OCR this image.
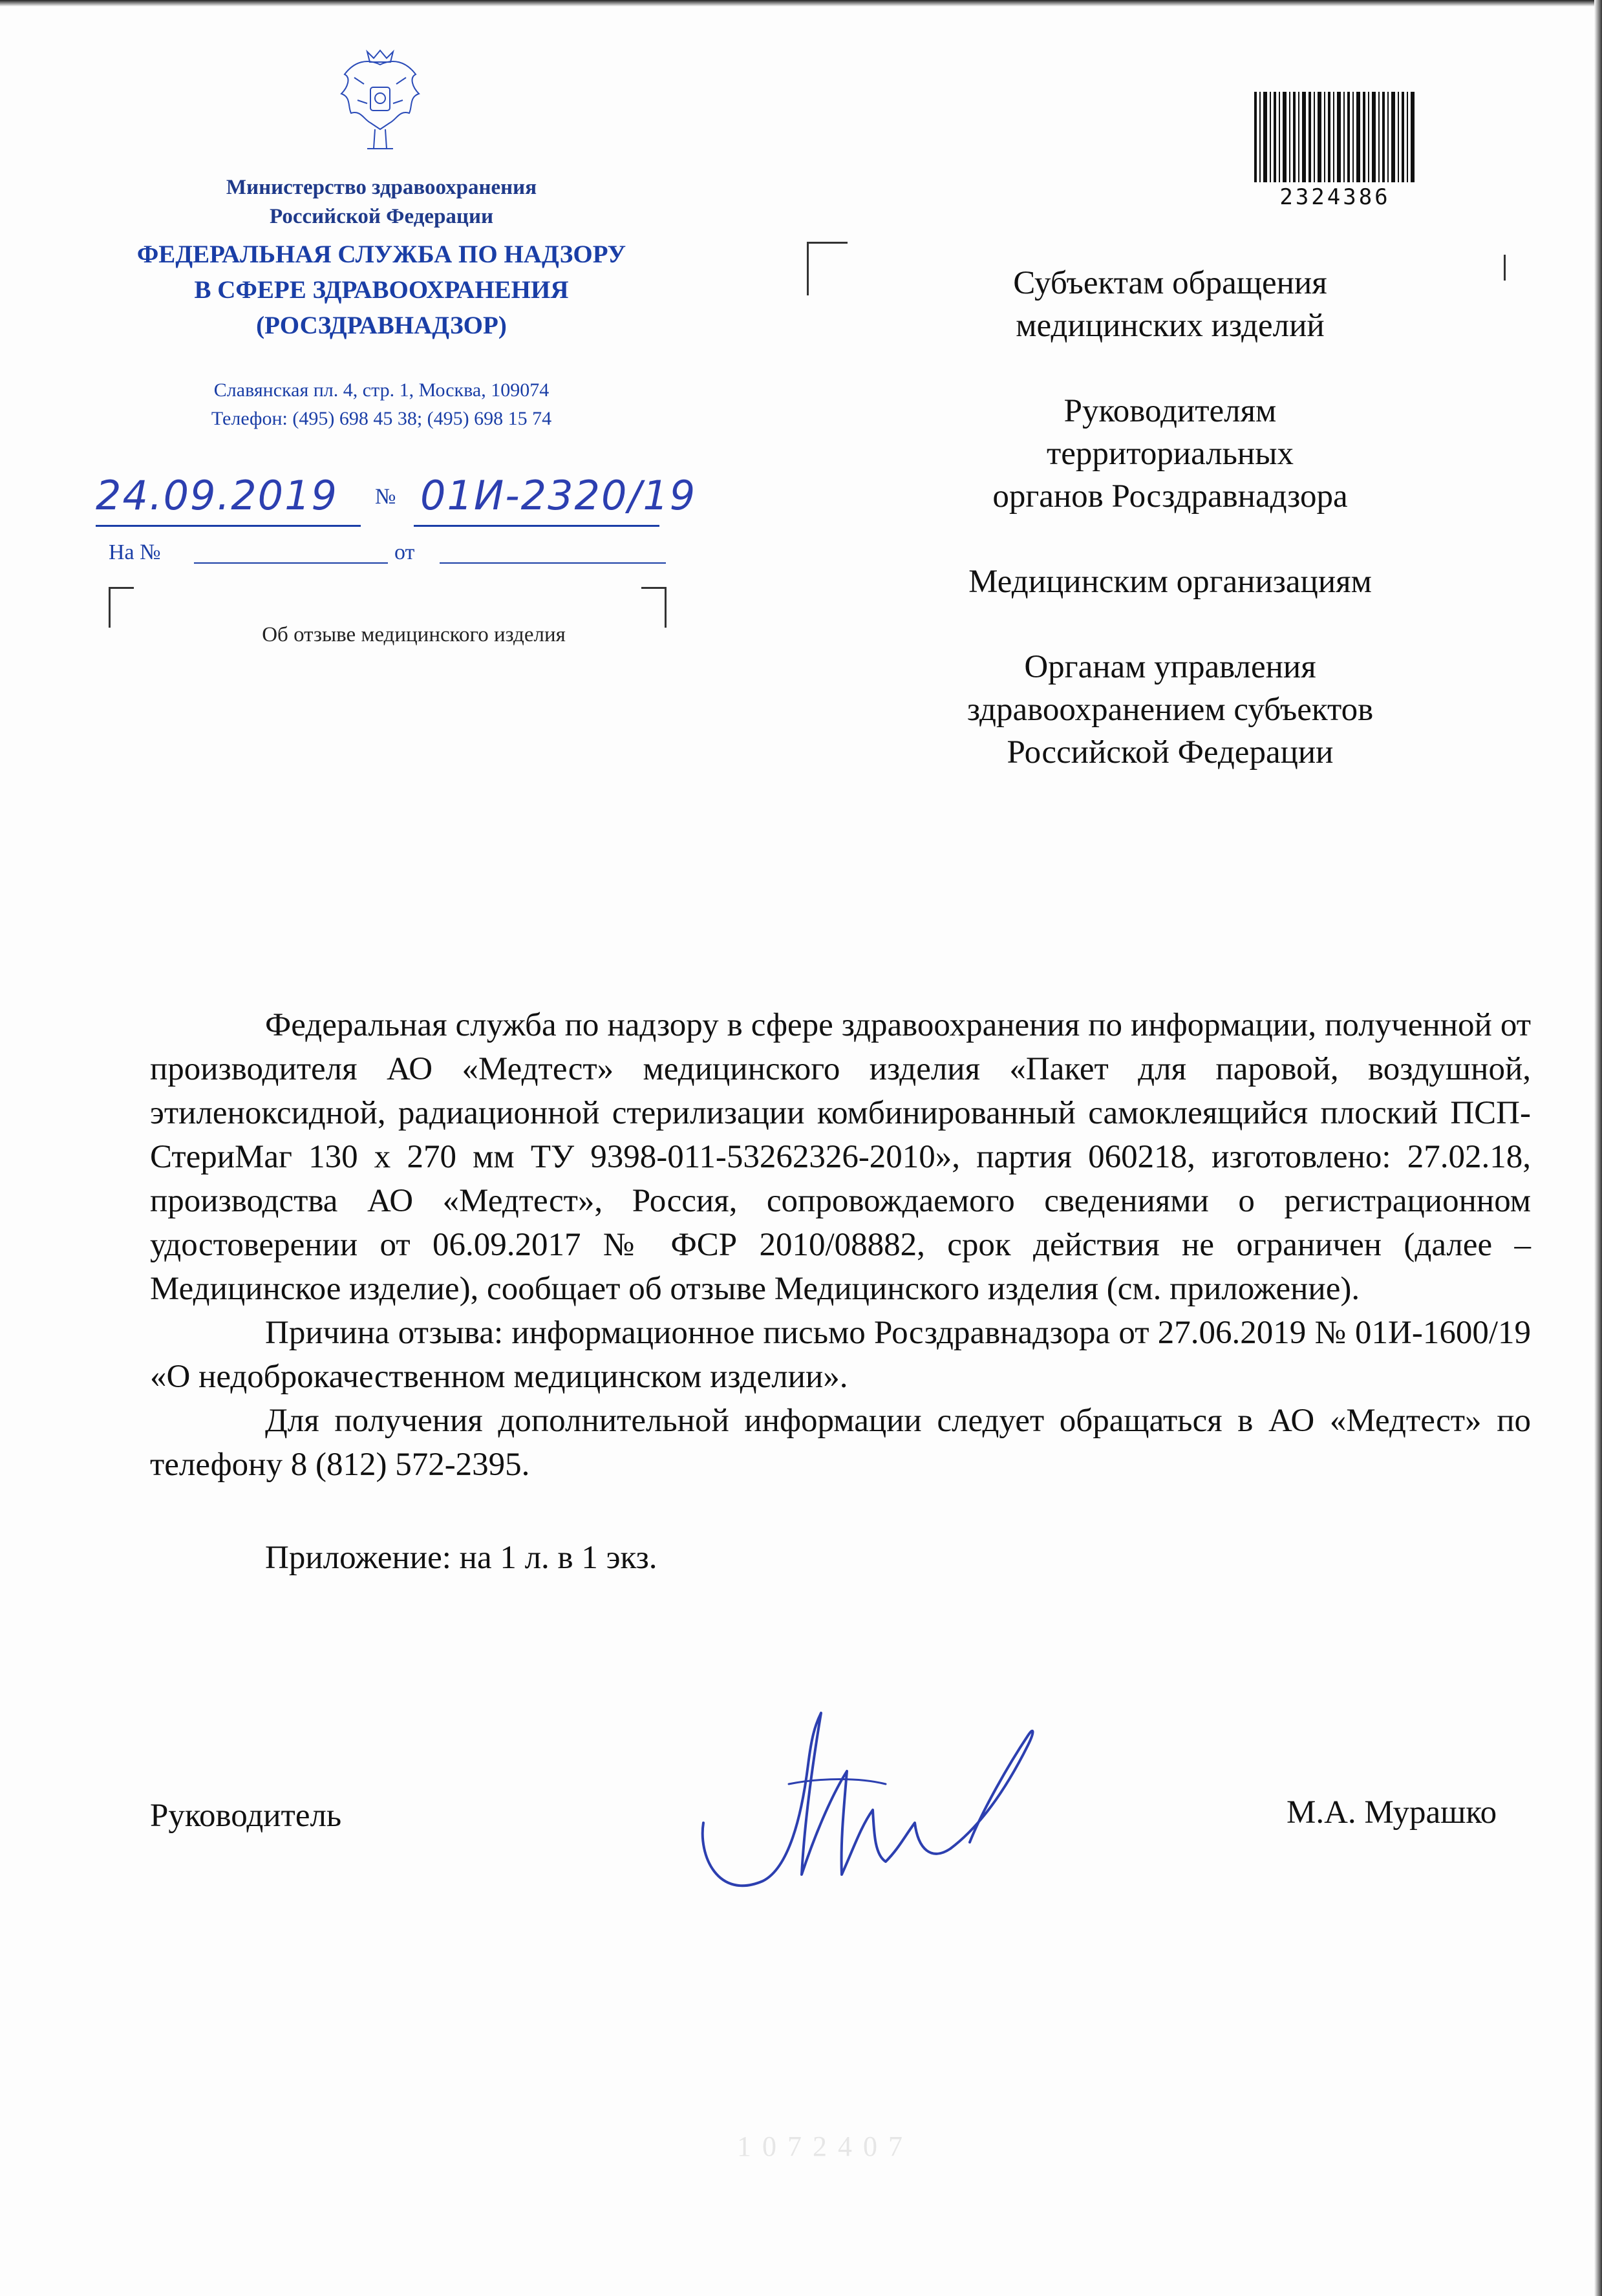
Министерство здравоохранения
Российской Федерации
ФЕДЕРАЛЬНАЯ СЛУЖБА ПО НАДЗОРУ
В СФЕРЕ ЗДРАВООХРАНЕНИЯ
(РОСЗДРАВНАДЗОР)
Славянская пл. 4, стр. 1, Москва, 109074
Телефон: (495) 698 45 38; (495) 698 15 74
24.09.2019 № 01И-2320/19
На №	от
Об отзыве медицинского изделия
2324386
Субъектам обращения
медицинских изделий
Руководителям
территориальных
органов Росздравнадзора
Медицинским организациям
Органам управления
здравоохранением субъектов
Российской Федерации

Федеральная служба по надзору в сфере здравоохранения по информации, полученной от производителя АО «Медтест» медицинского изделия «Пакет для паровой, воздушной, этиленоксидной, радиационной стерилизации комбинированный самоклеящийся плоский ПСП-СтериМаг 130 х 270 мм ТУ 9398-011-53262326-2010», партия 060218, изготовлено: 27.02.18, производства АО «Медтест», Россия, сопровождаемого сведениями о регистрационном удостоверении от 06.09.2017 № ФСР 2010/08882, срок действия не ограничен (далее – Медицинское изделие), сообщает об отзыве Медицинского изделия (см. приложение).

Причина отзыва: информационное письмо Росздравнадзора от 27.06.2019 № 01И-1600/19 «О недоброкачественном медицинском изделии».

Для получения дополнительной информации следует обращаться в АО «Медтест» по телефону 8 (812) 572-2395.

Приложение: на 1 л. в 1 экз.

Руководитель	М.А. Мурашко
1 0 7 2 4 0 7
